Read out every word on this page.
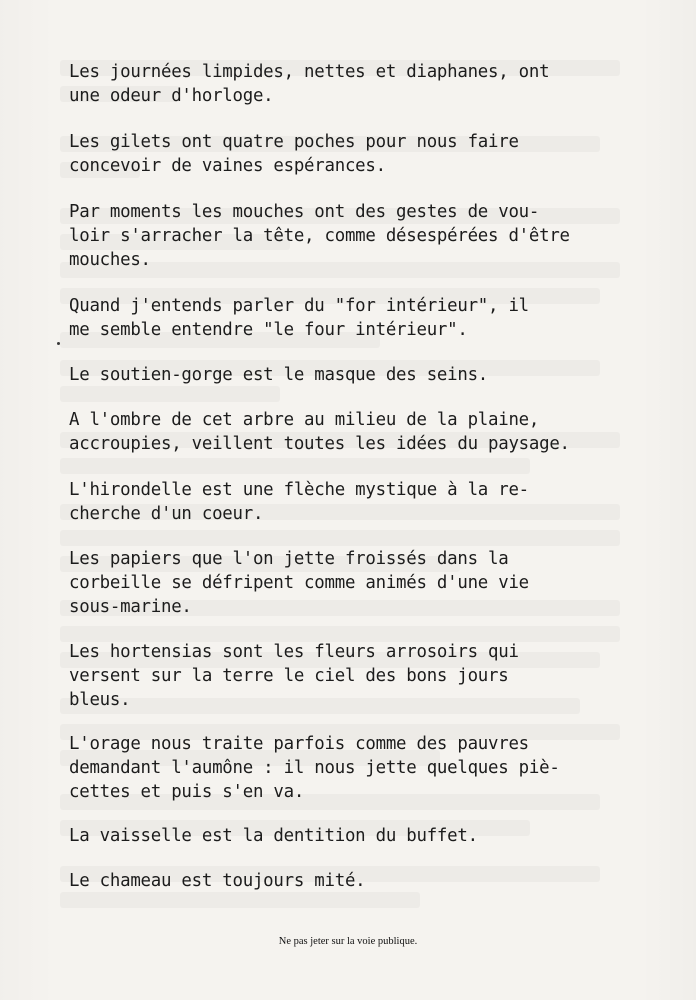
Les journées limpides, nettes et diaphanes, ont
une odeur d'horloge.
Les gilets ont quatre poches pour nous faire
concevoir de vaines espérances.
Par moments les mouches ont des gestes de vou-
loir s'arracher la tête, comme désespérées d'être
mouches.
Quand j'entends parler du "for intérieur", il
me semble entendre "le four intérieur".
Le soutien-gorge est le masque des seins.
A l'ombre de cet arbre au milieu de la plaine,
accroupies, veillent toutes les idées du paysage.
L'hirondelle est une flèche mystique à la re-
cherche d'un coeur.
Les papiers que l'on jette froissés dans la
corbeille se défripent comme animés d'une vie
sous-marine.
Les hortensias sont les fleurs arrosoirs qui
versent sur la terre le ciel des bons jours
bleus.
L'orage nous traite parfois comme des pauvres
demandant l'aumône : il nous jette quelques piè-
cettes et puis s'en va.
La vaisselle est la dentition du buffet.
Le chameau est toujours mité.
Ne pas jeter sur la voie publique.
